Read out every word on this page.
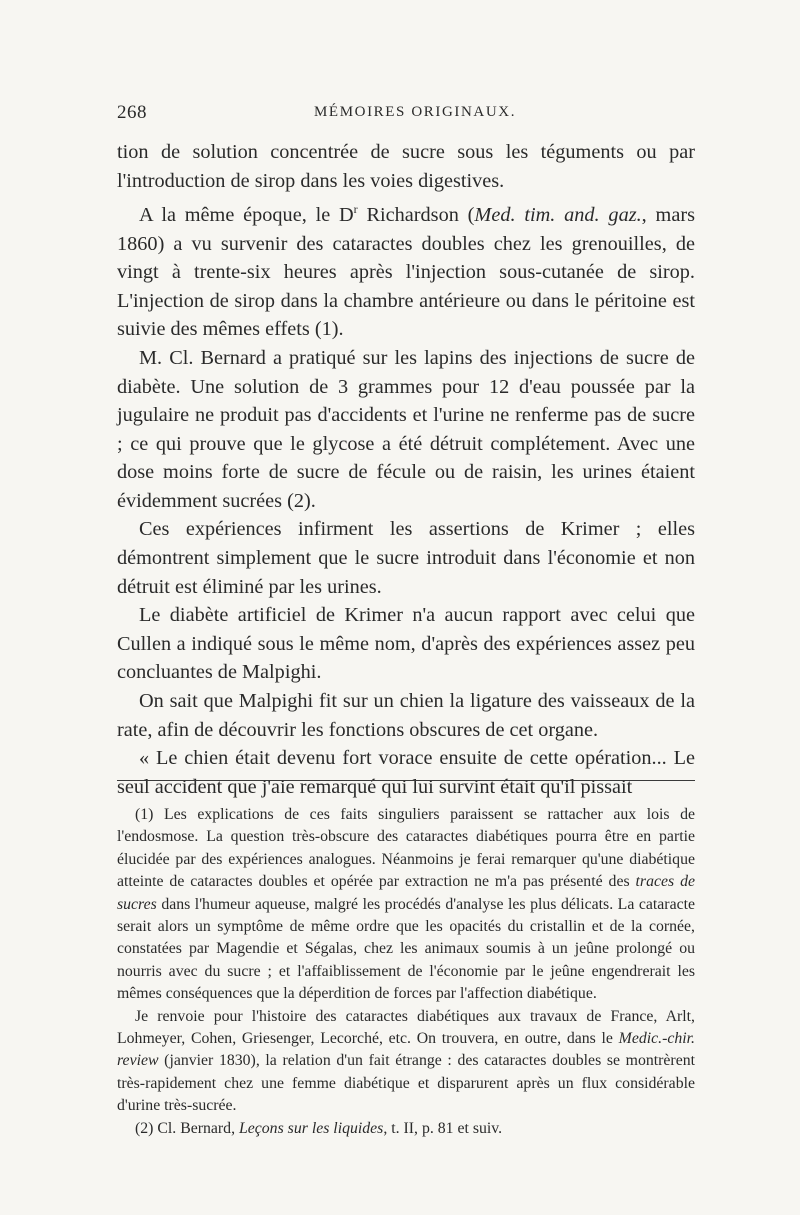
268	MÉMOIRES ORIGINAUX.

tion de solution concentrée de sucre sous les téguments ou par l'introduction de sirop dans les voies digestives.

A la même époque, le $D^r$ Richardson (Med. tim. and. gaz., mars 1860) a vu survenir des cataractes doubles chez les grenouilles, de vingt à trente-six heures après l'injection sous-cutanée de sirop. L'injection de sirop dans la chambre antérieure ou dans le péritoine est suivie des mêmes effets (1).

M. Cl. Bernard a pratiqué sur les lapins des injections de sucre de diabète. Une solution de 3 grammes pour 12 d'eau poussée par la jugulaire ne produit pas d'accidents et l'urine ne renferme pas de sucre ; ce qui prouve que le glycose a été détruit complétement. Avec une dose moins forte de sucre de fécule ou de raisin, les urines étaient évidemment sucrées (2).

Ces expériences infirment les assertions de Krimer ; elles démontrent simplement que le sucre introduit dans l'économie et non détruit est éliminé par les urines.

Le diabète artificiel de Krimer n'a aucun rapport avec celui que Cullen a indiqué sous le même nom, d'après des expériences assez peu concluantes de Malpighi.

On sait que Malpighi fit sur un chien la ligature des vaisseaux de la rate, afin de découvrir les fonctions obscures de cet organe.

« Le chien était devenu fort vorace ensuite de cette opération... Le seul accident que j'aie remarqué qui lui survint était qu'il pissait

(1) Les explications de ces faits singuliers paraissent se rattacher aux lois de l'endosmose. La question très-obscure des cataractes diabétiques pourra être en partie élucidée par des expériences analogues. Néanmoins je ferai remarquer qu'une diabétique atteinte de cataractes doubles et opérée par extraction ne m'a pas présenté des traces de sucres dans l'humeur aqueuse, malgré les procédés d'analyse les plus délicats. La cataracte serait alors un symptôme de même ordre que les opacités du cristallin et de la cornée, constatées par Magendie et Ségalas, chez les animaux soumis à un jeûne prolongé ou nourris avec du sucre ; et l'affaiblissement de l'économie par le jeûne engendrerait les mêmes conséquences que la déperdition de forces par l'affection diabétique.

Je renvoie pour l'histoire des cataractes diabétiques aux travaux de France, Arlt, Lohmeyer, Cohen, Griesenger, Lecorché, etc. On trouvera, en outre, dans le Medic.-chir. review (janvier 1830), la relation d'un fait étrange : des cataractes doubles se montrèrent très-rapidement chez une femme diabétique et disparurent après un flux considérable d'urine très-sucrée.

(2) Cl. Bernard, Leçons sur les liquides, t. II, p. 81 et suiv.
